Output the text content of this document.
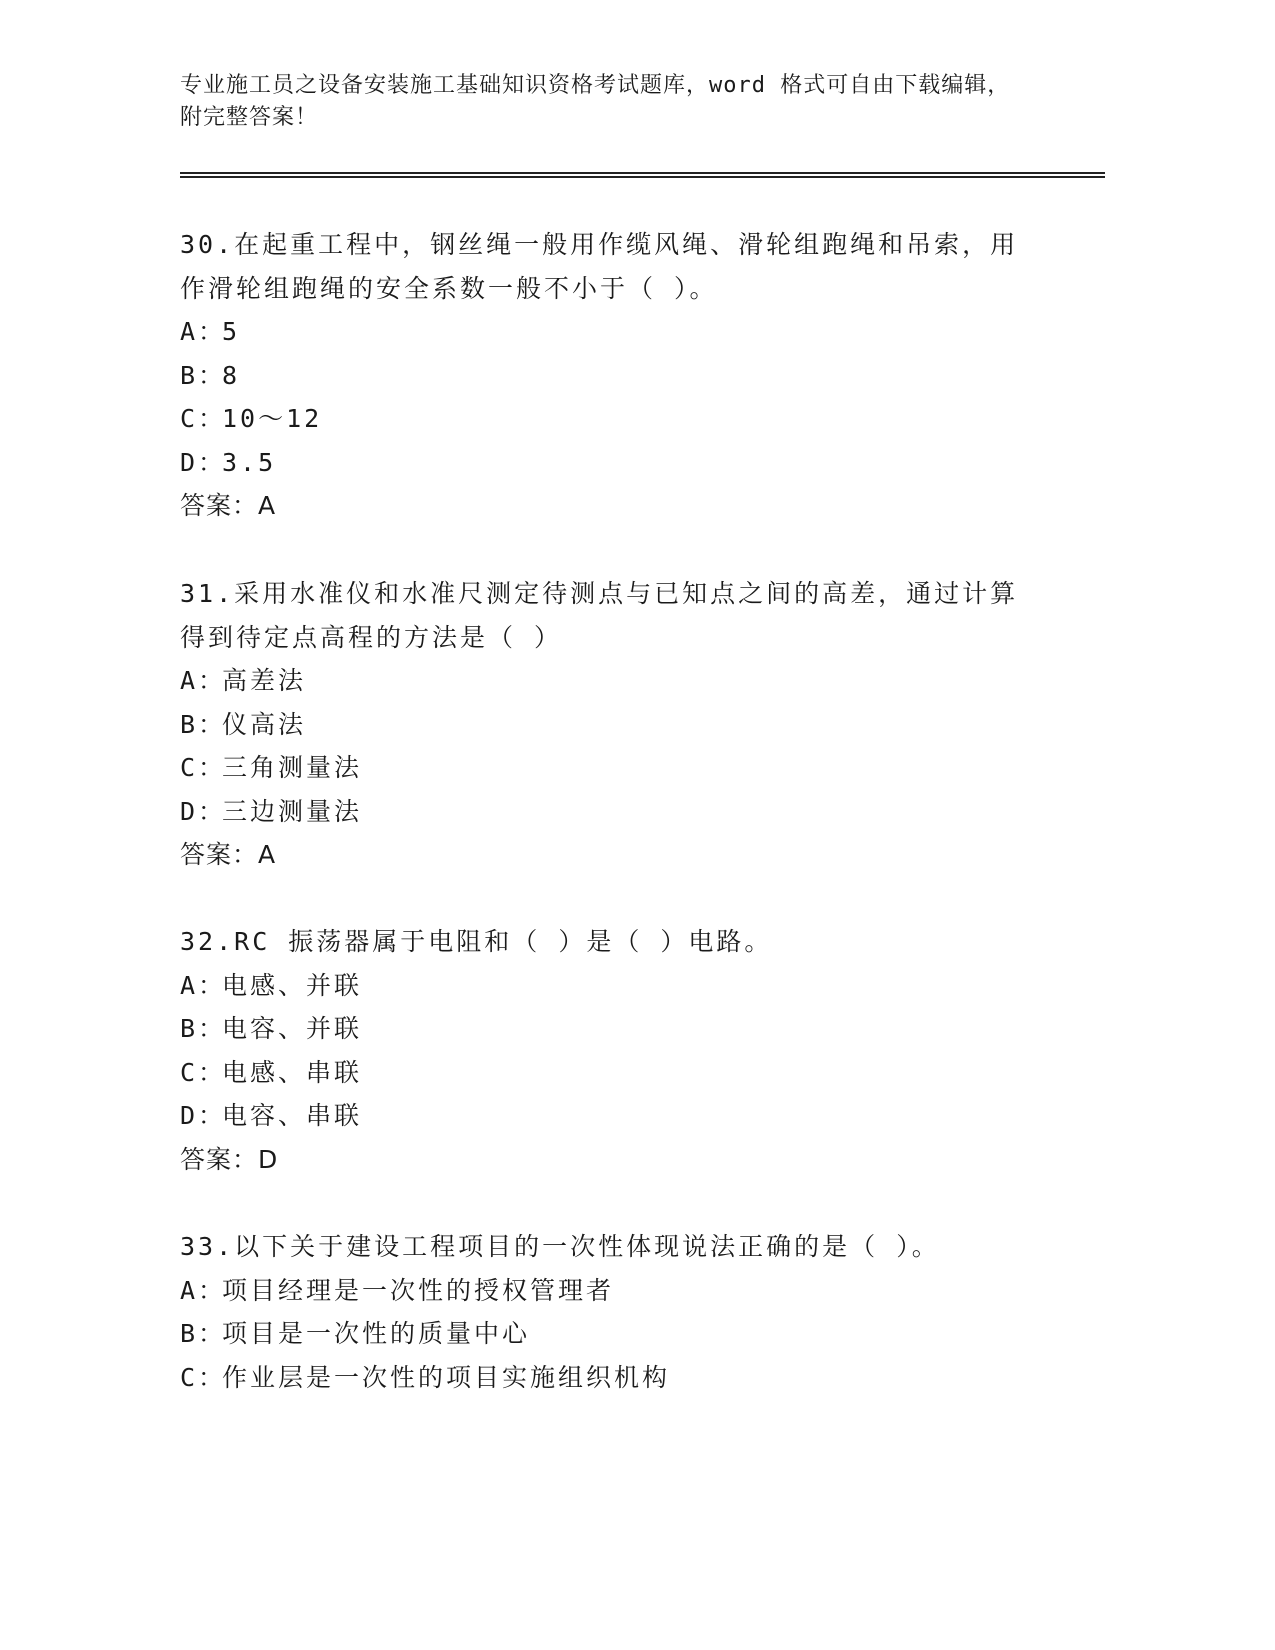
专业施工员之设备安装施工基础知识资格考试题库，word 格式可自由下载编辑，
附完整答案！

30.在起重工程中，钢丝绳一般用作缆风绳、滑轮组跑绳和吊索，用作滑轮组跑绳的安全系数一般不小于（ ）。

A：
5

B：
8

C：
10～12

D：
3.5

答案：A

31.采用水准仪和水准尺测定待测点与已知点之间的高差，通过计算得到待定点高程的方法是（ ）

A：
高差法

B：
仪高法

C：
三角测量法

D：
三边测量法

答案：A

32.RC 振荡器属于电阻和（ ）是（ ）电路。

A：
电感、并联

B：
电容、并联

C：
电感、串联

D：
电容、串联

答案：D

33.以下关于建设工程项目的一次性体现说法正确的是（ ）。

A：
项目经理是一次性的授权管理者

B：
项目是一次性的质量中心

C：
作业层是一次性的项目实施组织机构
